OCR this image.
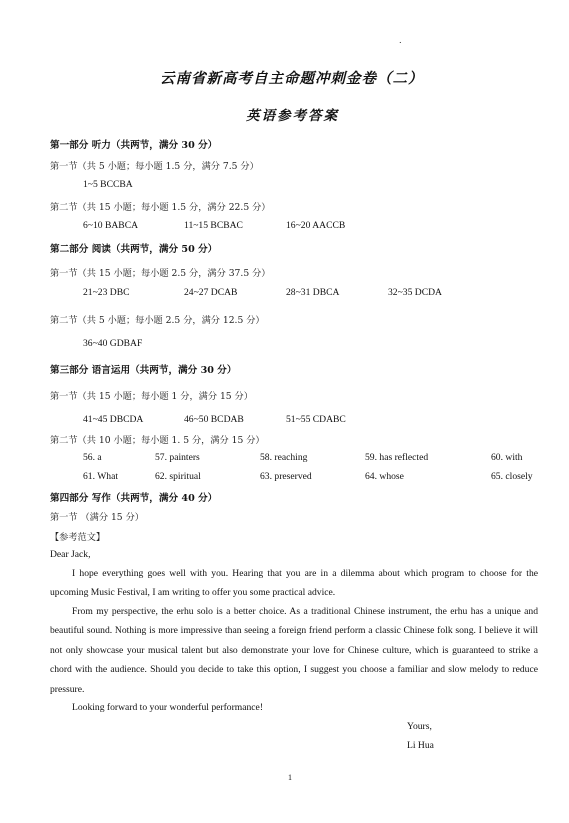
.
云南省新高考自主命题冲刺金卷（二）
英语参考答案
第一部分 听力（共两节，满分 30 分）
第一节（共 5 小题；每小题 1.5 分，满分 7.5 分）
1~5 BCCBA
第二节（共 15 小题；每小题 1.5 分，满分 22.5 分）
6~10 BABCA	11~15 BCBAC	16~20 AACCB
第二部分 阅读（共两节，满分 50 分）
第一节（共 15 小题；每小题 2.5 分，满分 37.5 分）
21~23 DBC	24~27 DCAB	28~31 DBCA	32~35 DCDA
第二节（共 5 小题；每小题 2.5 分，满分 12.5 分）
36~40 GDBAF
第三部分 语言运用（共两节，满分 30 分）
第一节（共 15 小题；每小题 1 分，满分 15 分）
41~45 DBCDA	46~50 BCDAB	51~55 CDABC
第二节（共 10 小题；每小题 1. 5 分，满分 15 分）
56. a	57. painters	58. reaching	59. has reflected	60. with
61. What	62. spiritual	63. preserved	64. whose	65. closely
第四部分 写作（共两节，满分 40 分）
第一节 （满分 15 分）
【参考范文】
Dear Jack,
I hope everything goes well with you. Hearing that you are in a dilemma about which program to choose for the upcoming Music Festival, I am writing to offer you some practical advice.
From my perspective, the erhu solo is a better choice. As a traditional Chinese instrument, the erhu has a unique and beautiful sound. Nothing is more impressive than seeing a foreign friend perform a classic Chinese folk song. I believe it will not only showcase your musical talent but also demonstrate your love for Chinese culture, which is guaranteed to strike a chord with the audience. Should you decide to take this option, I suggest you choose a familiar and slow melody to reduce pressure.
Looking forward to your wonderful performance!
Yours,
Li Hua
1
